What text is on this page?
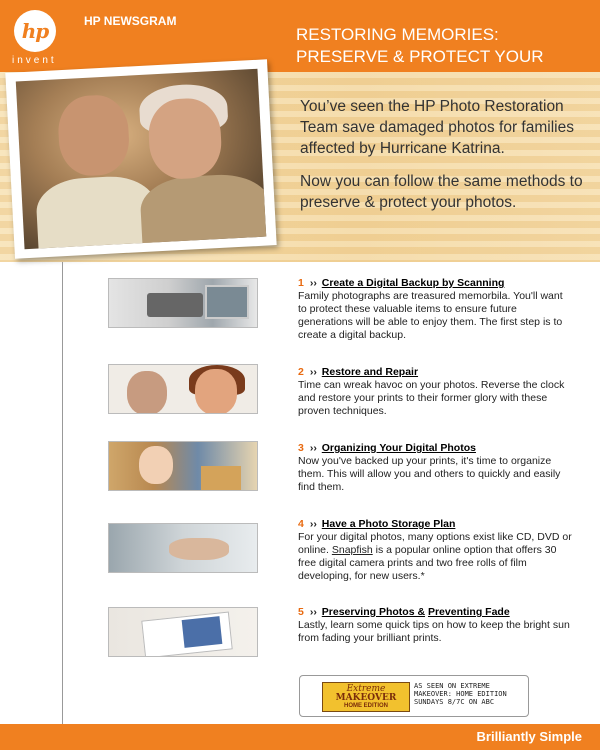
hp
invent
HP NEWSGRAM
RESTORING MEMORIES:
PRESERVE & PROTECT YOUR

You’ve seen the HP Photo Restoration Team save damaged photos for families affected by Hurricane Katrina.

Now you can follow the same methods to preserve & protect your photos.

1 ›› Create a Digital Backup by Scanning
Family photographs are treasured memorbila. You'll want to protect these valuable items to ensure future generations will be able to enjoy them. The first step is to create a digital backup.
2 ›› Restore and Repair
Time can wreak havoc on your photos. Reverse the clock and restore your prints to their former glory with these proven techniques.
3 ›› Organizing Your Digital Photos
Now you've backed up your prints, it's time to organize them. This will allow you and others to quickly and easily find them.
4 ›› Have a Photo Storage Plan
For your digital photos, many options exist like CD, DVD or online. Snapfish is a popular online option that offers 30 free digital camera prints and two free rolls of film developing, for new users.*
5 ›› Preserving Photos & Preventing Fade
Lastly, learn some quick tips on how to keep the bright sun from fading your brilliant prints.
Extreme
MAKEOVER
HOME EDITION
AS SEEN ON EXTREME MAKEOVER: HOME EDITION SUNDAYS 8/7C ON ABC
Brilliantly Simple
